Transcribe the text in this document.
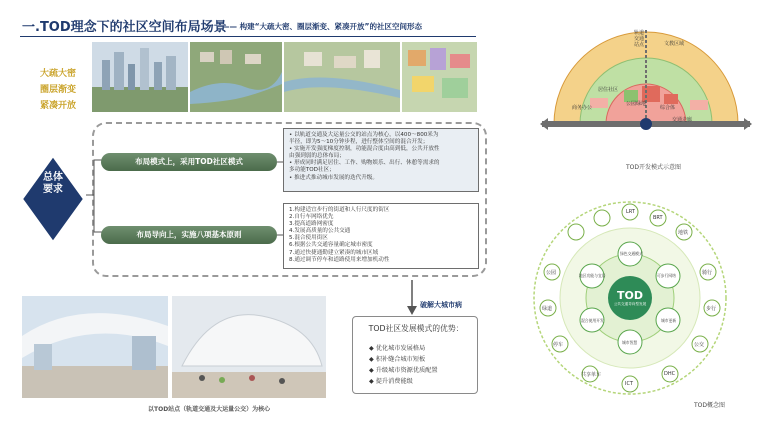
一.TOD理念下的社区空间布局场景
—— 构建“大疏大密、圈层渐变、紧凑开放”的社区空间形态
大疏大密
圈层渐变
紧凑开放
总体要求
布局模式上，采用TOD社区模式
布局导向上，实施八项基本原则
• 以轨道交通及大运量公交的站点为核心，以400～800米为
半径，即为5～10分钟步程，进行整体空间的混合开发；
• 实施开发强度梯度控制，功能混合度由高到低，公共开放性
由强到弱的总体布局；
• 形成同时满足居住、工作、购物娱乐、出行、休憩等需求的
多功能TOD社区；
• 推进式推动城市发展的迭代升级。
1.构建适宜步行的街道和人行尺度的街区
2.自行车网络优先
3.提高道路网密度
4.发展高质量的公共交通
5.混合使用街区
6.根据公共交通容量确定城市密度
7.通过快捷通勤建立紧凑的城市区域
8.通过调节停车和道路使用来增加机动性
破解大城市病
TOD社区发展模式的优势：
◆ 优化城市发展格局
◆ 积补缝合城市短板
◆ 升级城市资源优质配置
◆ 提升消费能级
以TOD站点（轨道交通及大运量公交）为核心
轨道交通站点	文教区域
交通走廊
商务办公
居住社区
公园绿地
综合体
TOD开发模式示意图
TOD
公共交通导向型发展
绿色交通模式
可步行网络
城市更新
城市智慧
混合使用开发
地区功能与宜居
LRT
BRT
地铁
骑行
步行
公交
DHC
ICT
共享单车
停车
绿道
公园
TOD概念图
